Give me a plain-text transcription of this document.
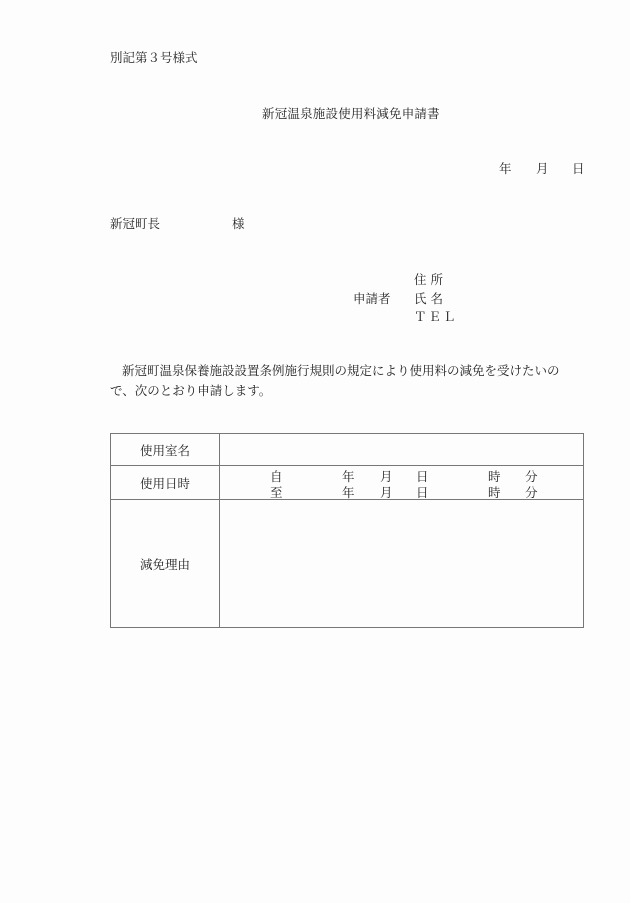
別記第３号様式
新冠温泉施設使用料減免申請書
年 月 日
新冠町長	様
住 所
申請者 氏 名
ＴＥＬ
新冠町温泉保養施設設置条例施行規則の規定により使用料の減免を受けたいので、次のとおり申請します。
使用室名	
使用日時	自	年 月 日	時 分
至	年 月 日	時 分

減免理由	
